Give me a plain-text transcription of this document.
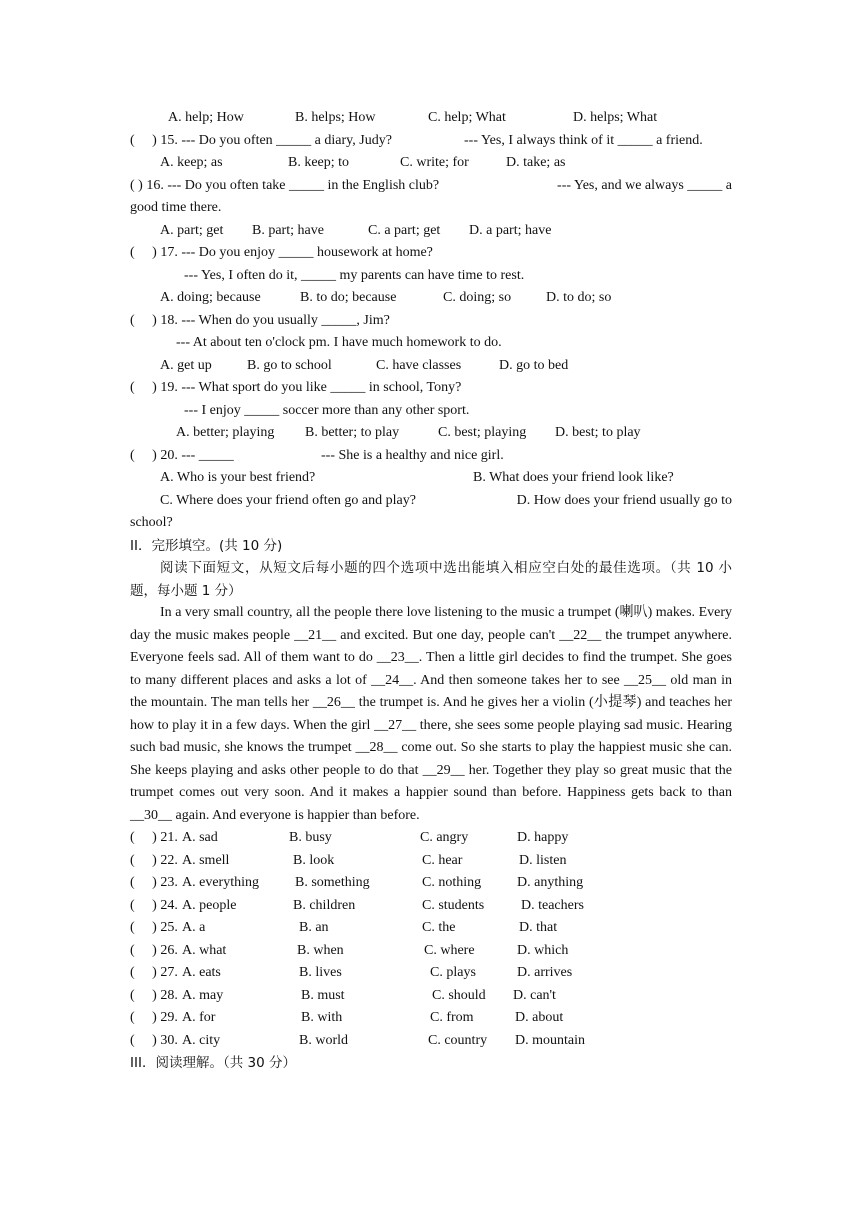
A. help; How

	B. helps; How

	C. help; What

	D. helps; What

(     ) 15. --- Do you often _____ a diary, Judy?

	--- Yes, I always think of it _____ a friend.

A. keep; as

	B. keep; to

	C. write; for

	D. take; as

( ) 16. --- Do you often take _____ in the English club?	--- Yes, and we always _____ a

good time there.

A. part; get

B. part; have

	C. a part; get

D. a part; have

(     ) 17. --- Do you enjoy _____ housework at home?

--- Yes, I often do it, _____ my parents can have time to rest.

A. doing; because

	B. to do; because

	C. doing; so

D. to do; so

(     ) 18. --- When do you usually _____, Jim?

--- At about ten o'clock pm. I have much homework to do.

A. get up

	B. go to school

	C. have classes

	D. go to bed

(     ) 19. --- What sport do you like _____ in school, Tony?

--- I enjoy _____ soccer more than any other sport.

A. better; playing

B. better; to play

	C. best; playing

D. best; to play

(     ) 20. --- _____

	--- She is a healthy and nice girl.

A. Who is your best friend?

	B. What does your friend look like?

C. Where does your friend often go and play?	D. How does your friend usually go to

school?

II．完形填空。(共 10 分)

阅读下面短文，从短文后每小题的四个选项中选出能填入相应空白处的最佳选项。（共 10 小题，每小题 1 分）
In a very small country, all the people there love listening to the music a trumpet (喇叭) makes. Every day the music makes people __21__ and excited. But one day, people can't __22__ the trumpet anywhere. Everyone feels sad. All of them want to do __23__. Then a little girl decides to find the trumpet. She goes to many different places and asks a lot of __24__. And then someone takes her to see __25__ old man in the mountain. The man tells her __26__ the trumpet is. And he gives her a violin (小提琴) and teaches her how to play it in a few days. When the girl __27__ there, she sees some people playing sad music. Hearing such bad music, she knows the trumpet __28__ come out. So she starts to play the happiest music she can. She keeps playing and asks other people to do that __29__ her. Together they play so great music that the trumpet comes out very soon. And it makes a happier sound than before. Happiness gets back to than __30__ again. And everyone is happier than before.
(     ) 21. A. sad	B. busy	C. angry	D. happy
(     ) 22. A. smell	B. look	C. hear	D. listen
(     ) 23. A. everything	B. something	C. nothing	D. anything
(     ) 24. A. people	B. children	C. students	D. teachers
(     ) 25. A. a	B. an	C. the	D. that
(     ) 26. A. what	B. when	C. where	D. which
(     ) 27. A. eats	B. lives	C. plays	D. arrives
(     ) 28. A. may	B. must	C. should D. can't
(     ) 29. A. for	B. with	C. from	D. about
(     ) 30. A. city	B. world	C. country D. mountain

III．阅读理解。（共 30 分）
